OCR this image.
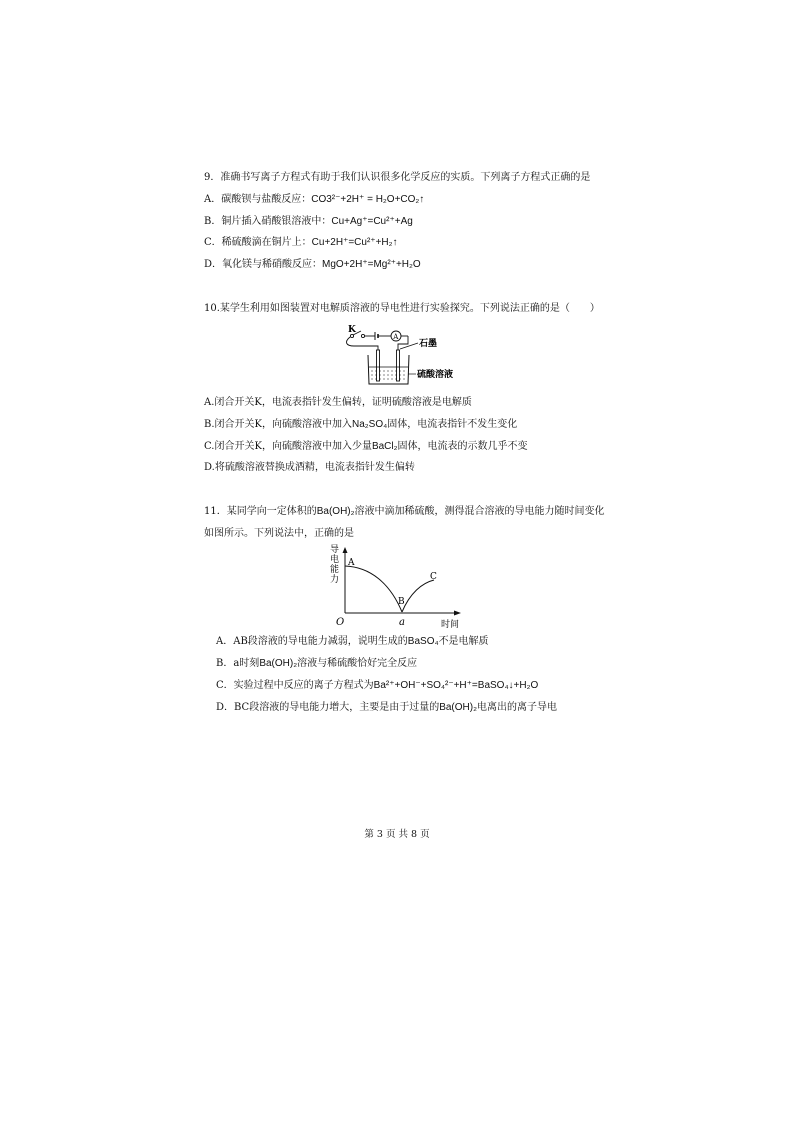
9．准确书写离子方程式有助于我们认识很多化学反应的实质。下列离子方程式正确的是
A．碳酸钡与盐酸反应：CO3²⁻+2H⁺ = H₂O+CO₂↑
B．铜片插入硝酸银溶液中：Cu+Ag⁺=Cu²⁺+Ag
C．稀硫酸滴在铜片上：Cu+2H⁺=Cu²⁺+H₂↑
D．氧化镁与稀硝酸反应：MgO+2H⁺=Mg²⁺+H₂O
10.某学生利用如图装置对电解质溶液的导电性进行实验探究。下列说法正确的是（　　）
K
A
石墨
硫酸溶液
A.闭合开关K，电流表指针发生偏转，证明硫酸溶液是电解质
B.闭合开关K，向硫酸溶液中加入Na₂SO₄固体，电流表指针不发生变化
C.闭合开关K，向硫酸溶液中加入少量BaCl₂固体，电流表的示数几乎不变
D.将硫酸溶液替换成酒精，电流表指针发生偏转
11．某同学向一定体积的Ba(OH)₂溶液中滴加稀硫酸，测得混合溶液的导电能力随时间变化
如图所示。下列说法中，正确的是
导
电
能
力
O	a	时间
A
B
C
A．AB段溶液的导电能力减弱，说明生成的BaSO₄不是电解质
B．a时刻Ba(OH)₂溶液与稀硫酸恰好完全反应
C．实验过程中反应的离子方程式为Ba²⁺+OH⁻+SO₄²⁻+H⁺=BaSO₄↓+H₂O
D．BC段溶液的导电能力增大，主要是由于过量的Ba(OH)₂电离出的离子导电
第 3 页 共 8 页
